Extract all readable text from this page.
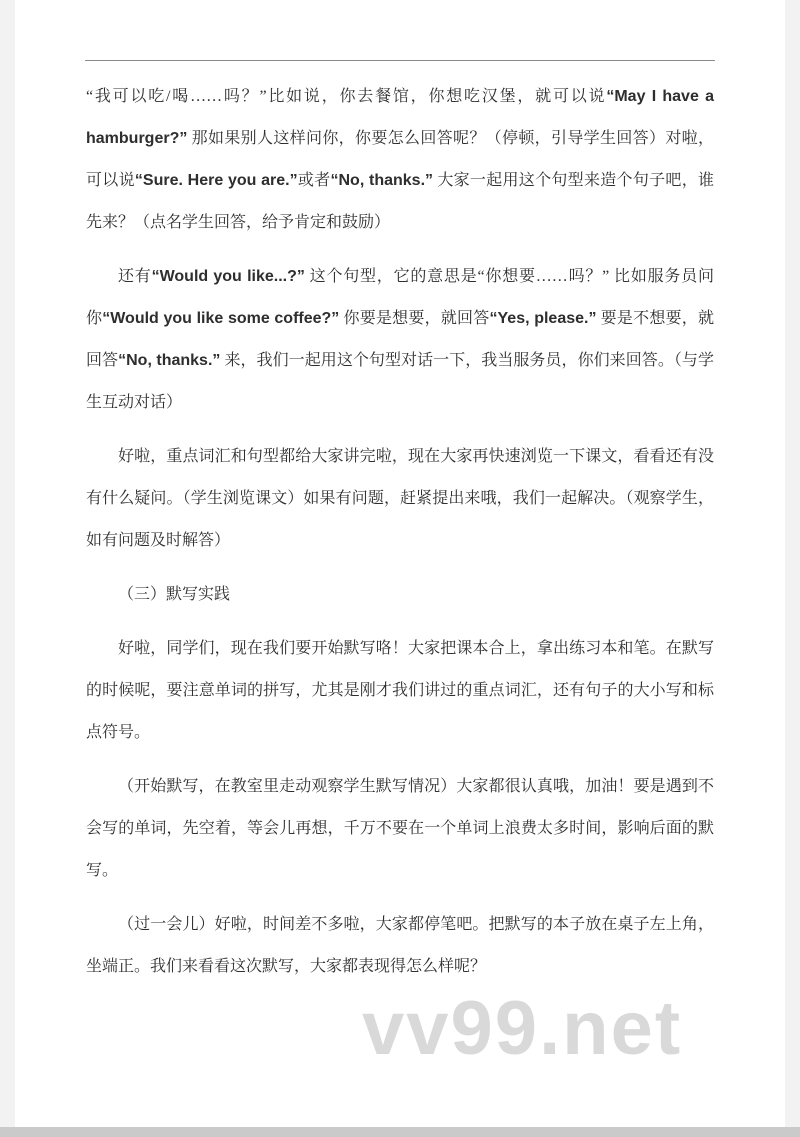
vv99.net

“我可以吃/喝……吗？”比如说，你去餐馆，你想吃汉堡，就可以说“May I have a hamburger?” 那如果别人这样问你，你要怎么回答呢？（停顿，引导学生回答）对啦，可以说“Sure. Here you are.”或者“No, thanks.” 大家一起用这个句型来造个句子吧，谁先来？（点名学生回答，给予肯定和鼓励）

还有“Would you like...?” 这个句型，它的意思是“你想要……吗？” 比如服务员问你“Would you like some coffee?” 你要是想要，就回答“Yes, please.” 要是不想要，就回答“No, thanks.” 来，我们一起用这个句型对话一下，我当服务员，你们来回答。（与学生互动对话）

好啦，重点词汇和句型都给大家讲完啦，现在大家再快速浏览一下课文，看看还有没有什么疑问。（学生浏览课文）如果有问题，赶紧提出来哦，我们一起解决。（观察学生，如有问题及时解答）

（三）默写实践

好啦，同学们，现在我们要开始默写咯！大家把课本合上，拿出练习本和笔。在默写的时候呢，要注意单词的拼写，尤其是刚才我们讲过的重点词汇，还有句子的大小写和标点符号。

（开始默写，在教室里走动观察学生默写情况）大家都很认真哦，加油！要是遇到不会写的单词，先空着，等会儿再想，千万不要在一个单词上浪费太多时间，影响后面的默写。

（过一会儿）好啦，时间差不多啦，大家都停笔吧。把默写的本子放在桌子左上角，坐端正。我们来看看这次默写，大家都表现得怎么样呢？
